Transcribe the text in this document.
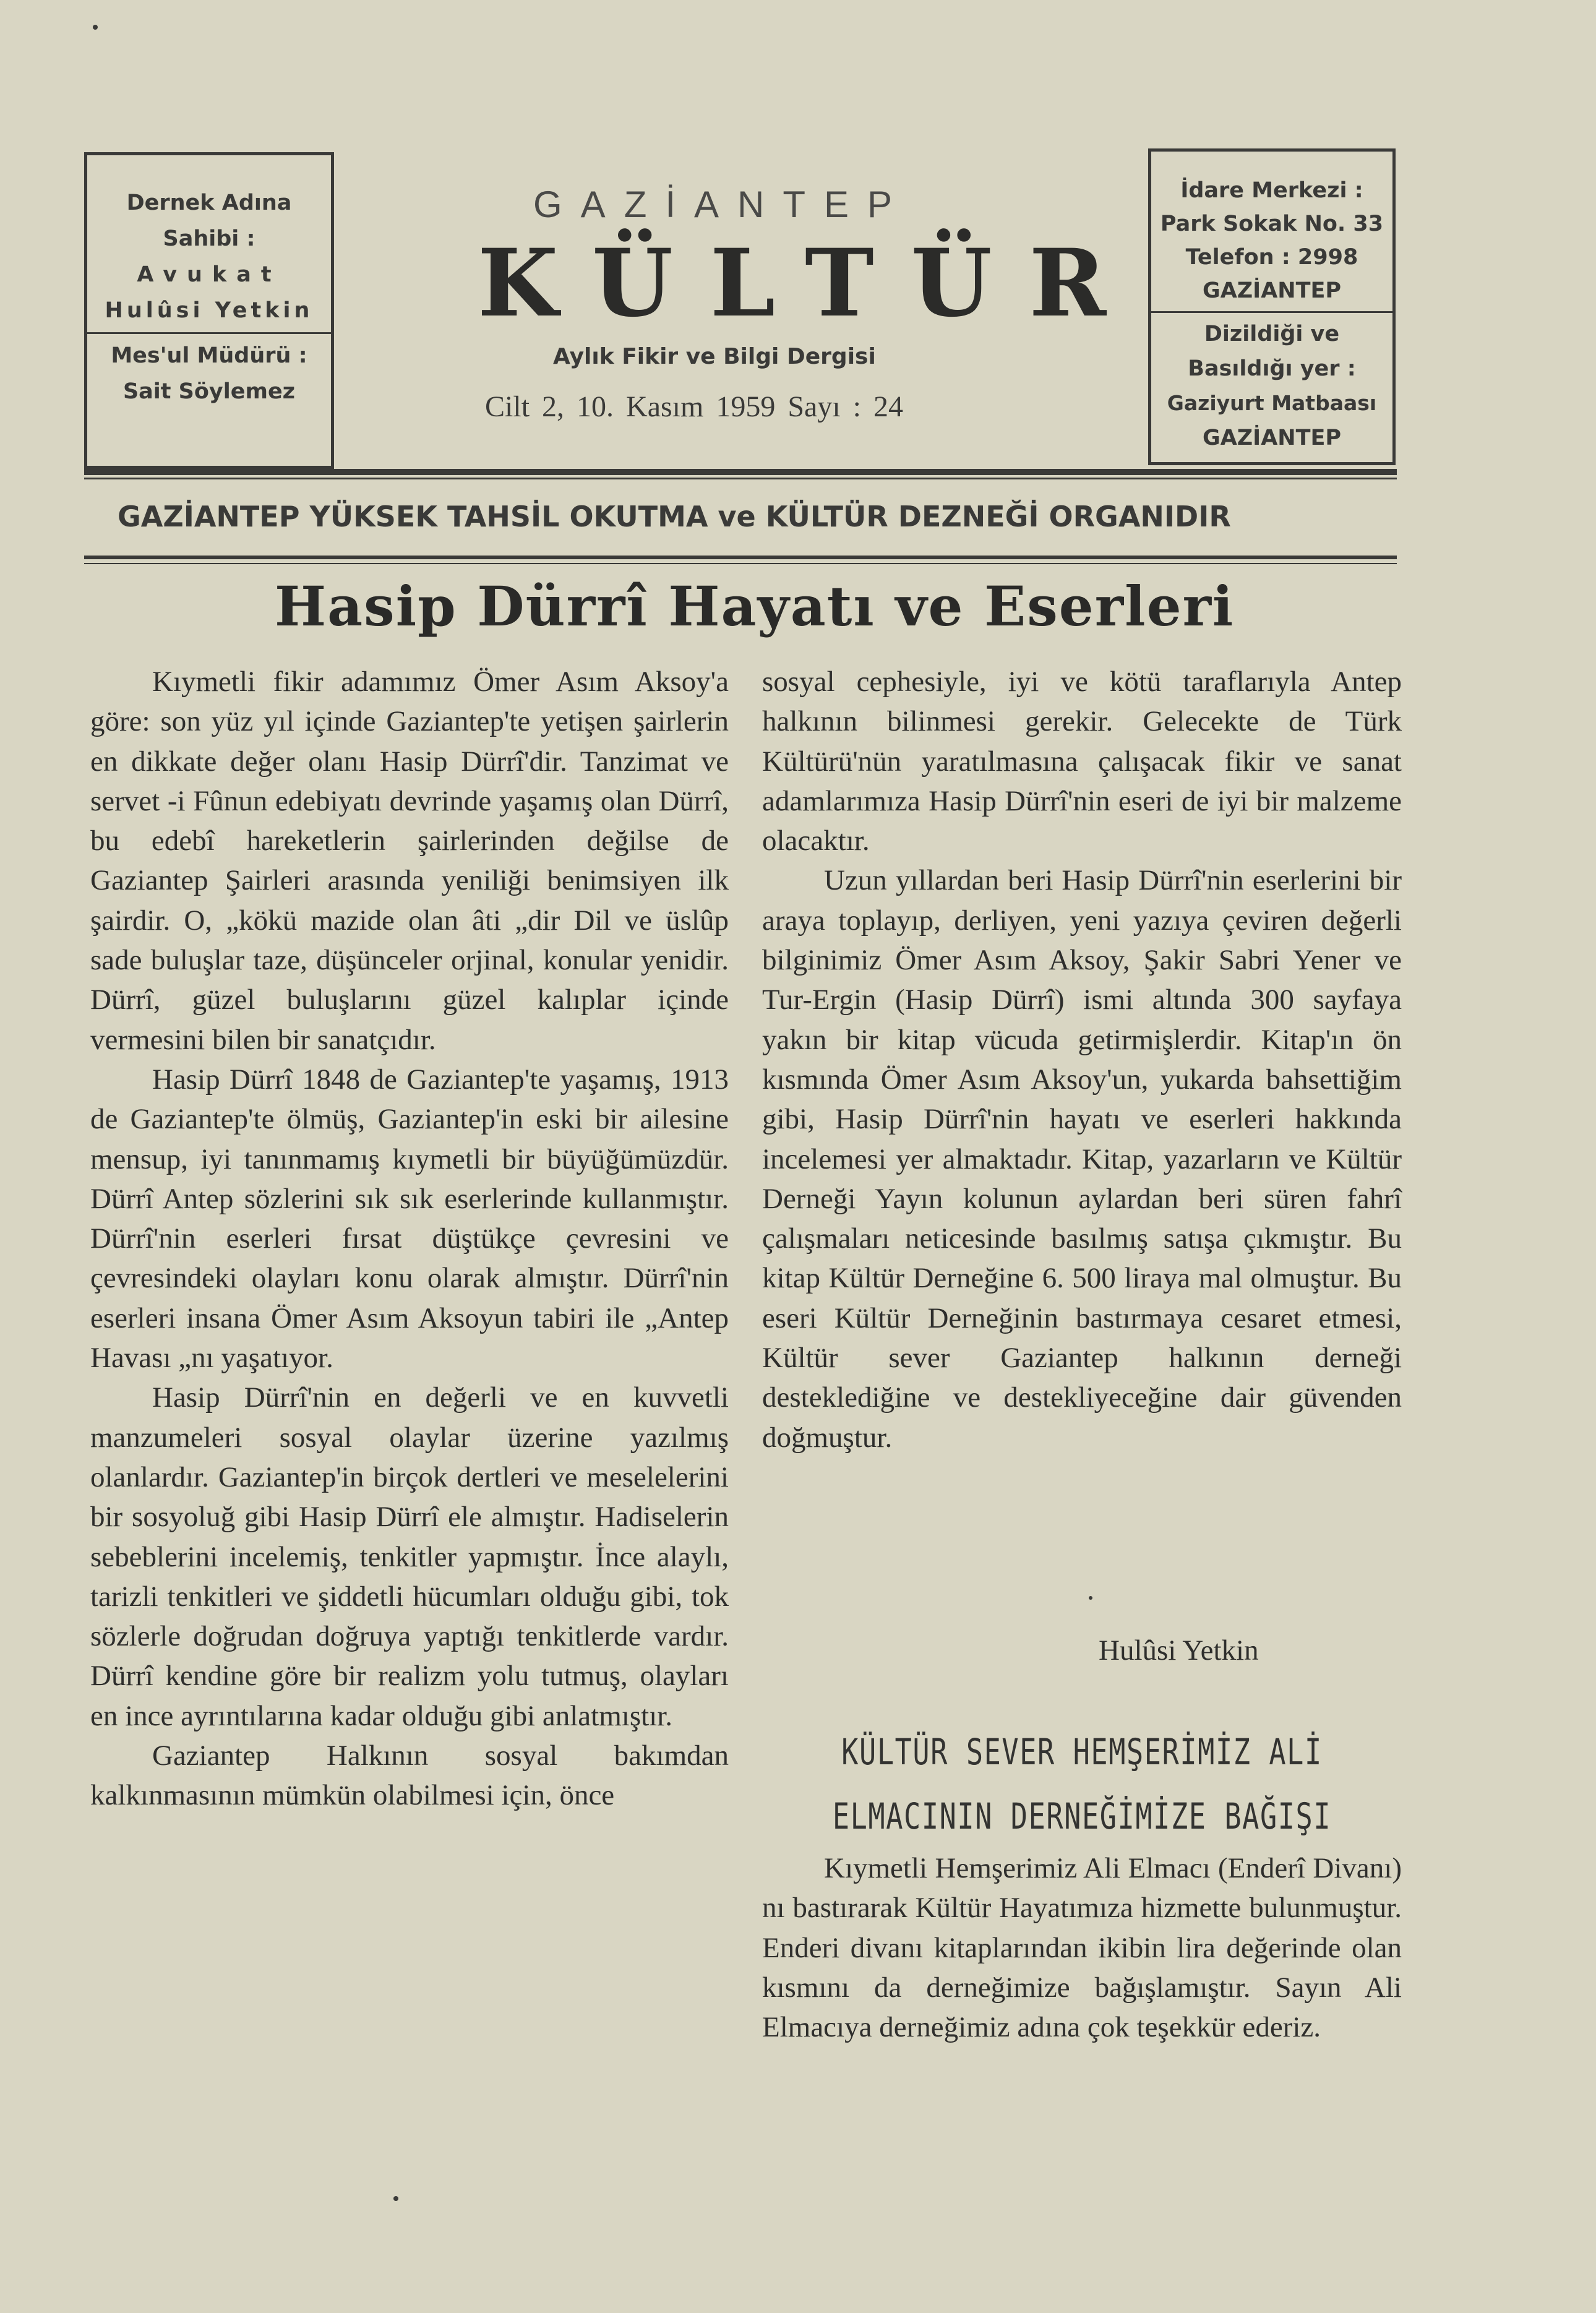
Dernek Adına
Sahibi :
Avukat
Hulûsi Yetkin
Mes'ul Müdürü :
Sait Söylemez
GAZİANTEP
KÜLTÜR
Aylık Fikir ve Bilgi Dergisi
Cilt 2, 10. Kasım 1959 Sayı : 24
İdare Merkezi :
Park Sokak No. 33
Telefon : 2998
GAZİANTEP
Dizildiği ve
Basıldığı yer :
Gaziyurt Matbaası
GAZİANTEP
GAZİANTEP YÜKSEK TAHSİL OKUTMA ve KÜLTÜR DEZNEĞİ ORGANIDIR
Hasip Dürrî Hayatı ve Eserleri

Kıymetli fikir adamımız Ömer Asım Aksoy'a göre: son yüz yıl içinde Gaziantep'te yetişen şairlerin en dikkate değer olanı Hasip Dürrî'dir. Tanzimat ve servet -i Fûnun edebiyatı devrinde yaşamış olan Dürrî, bu edebî hareketlerin şairlerinden değilse de Gaziantep Şairleri arasında yeniliği benimsiyen ilk şairdir. O, „kökü mazide olan âti „dir Dil ve üslûp sade buluşlar taze, düşünceler orjinal, konular yenidir. Dürrî, güzel buluşlarını güzel kalıplar içinde vermesini bilen bir sanatçıdır.

Hasip Dürrî 1848 de Gaziantep'te yaşamış, 1913 de Gaziantep'te ölmüş, Gaziantep'in eski bir ailesine mensup, iyi tanınmamış kıymetli bir büyüğümüzdür. Dürrî Antep sözlerini sık sık eserlerinde kullanmıştır. Dürrî'nin eserleri fırsat düştükçe çevresini ve çevresindeki olayları konu olarak almıştır. Dürrî'nin eserleri insana Ömer Asım Aksoyun tabiri ile „Antep Havası „nı yaşatıyor.

Hasip Dürrî'nin en değerli ve en kuvvetli manzumeleri sosyal olaylar üzerine yazılmış olanlardır. Gaziantep'in birçok dertleri ve meselelerini bir sosyoluğ gibi Hasip Dürrî ele almıştır. Hadiselerin sebeblerini incelemiş, tenkitler yapmıştır. İnce alaylı, tarizli tenkitleri ve şiddetli hücumları olduğu gibi, tok sözlerle doğrudan doğruya yaptığı tenkitlerde vardır. Dürrî kendine göre bir realizm yolu tutmuş, olayları en ince ayrıntılarına kadar olduğu gibi anlatmıştır.

Gaziantep Halkının sosyal bakımdan kalkınmasının mümkün olabilmesi için, önce

sosyal cephesiyle, iyi ve kötü taraflarıyla Antep halkının bilinmesi gerekir. Gelecekte de Türk Kültürü'nün yaratılmasına çalışacak fikir ve sanat adamlarımıza Hasip Dürrî'nin eseri de iyi bir malzeme olacaktır.

Uzun yıllardan beri Hasip Dürrî'nin eserlerini bir araya toplayıp, derliyen, yeni yazıya çeviren değerli bilginimiz Ömer Asım Aksoy, Şakir Sabri Yener ve Tur-Ergin (Hasip Dürrî) ismi altında 300 sayfaya yakın bir kitap vücuda getirmişlerdir. Kitap'ın ön kısmında Ömer Asım Aksoy'un, yukarda bahsettiğim gibi, Hasip Dürrî'nin hayatı ve eserleri hakkında incelemesi yer almaktadır. Kitap, yazarların ve Kültür Derneği Yayın kolunun aylardan beri süren fahrî çalışmaları neticesinde basılmış satışa çıkmıştır. Bu kitap Kültür Derneğine 6. 500 liraya mal olmuştur. Bu eseri Kültür Derneğinin bastırmaya cesaret etmesi, Kültür sever Gaziantep halkının derneği desteklediğine ve destekliyeceğine dair güvenden doğmuştur.

Hulûsi Yetkin
KÜLTÜR SEVER HEMŞERİMİZ ALİ
ELMACININ DERNEĞİMİZE BAĞIŞI

Kıymetli Hemşerimiz Ali Elmacı (Enderî Divanı) nı bastırarak Kültür Hayatımıza hizmette bulunmuştur. Enderi divanı kitaplarından ikibin lira değerinde olan kısmını da derneğimize bağışlamıştır. Sayın Ali Elmacıya derneğimiz adına çok teşekkür ederiz.
